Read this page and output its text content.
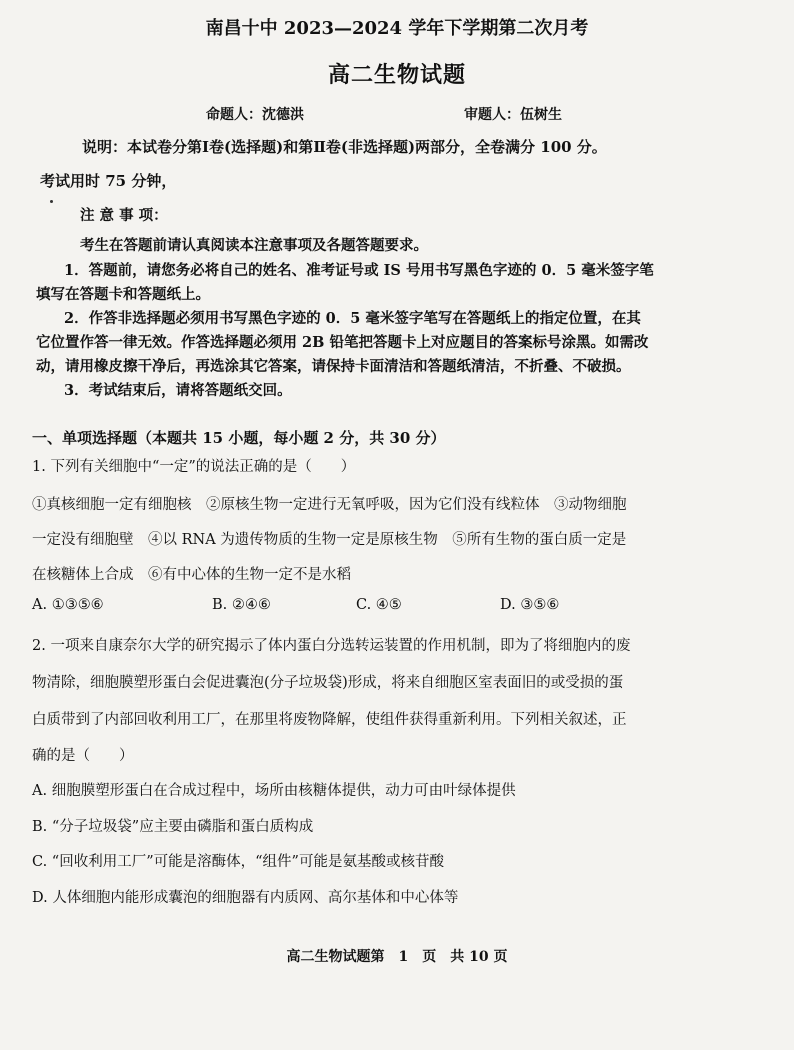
南昌十中 2023—2024 学年下学期第二次月考
高二生物试题
命题人：沈德洪	审题人：伍树生
说明：本试卷分第Ⅰ卷(选择题)和第Ⅱ卷(非选择题)两部分，全卷满分 100 分。
考试用时 75 分钟，
注 意 事 项：
考生在答题前请认真阅读本注意事项及各题答题要求。
1．答题前，请您务必将自己的姓名、准考证号或 IS 号用书写黑色字迹的 0．5 毫米签字笔
填写在答题卡和答题纸上。
2．作答非选择题必须用书写黑色字迹的 0．5 毫米签字笔写在答题纸上的指定位置，在其
它位置作答一律无效。作答选择题必须用 2B 铅笔把答题卡上对应题目的答案标号涂黑。如需改
动，请用橡皮擦干净后，再选涂其它答案，请保持卡面清洁和答题纸清洁，不折叠、不破损。
3．考试结束后，请将答题纸交回。
一、单项选择题（本题共 15 小题，每小题 2 分，共 30 分）
1. 下列有关细胞中“一定”的说法正确的是（　　）
①真核细胞一定有细胞核　②原核生物一定进行无氧呼吸，因为它们没有线粒体　③动物细胞
一定没有细胞壁　④以 RNA 为遗传物质的生物一定是原核生物　⑤所有生物的蛋白质一定是
在核糖体上合成　⑥有中心体的生物一定不是水稻
A. ①③⑤⑥	B. ②④⑥	C. ④⑤	D. ③⑤⑥
2. 一项来自康奈尔大学的研究揭示了体内蛋白分选转运装置的作用机制，即为了将细胞内的废
物清除，细胞膜塑形蛋白会促进囊泡(分子垃圾袋)形成，将来自细胞区室表面旧的或受损的蛋
白质带到了内部回收利用工厂，在那里将废物降解，使组件获得重新利用。下列相关叙述，正
确的是（　　）
A. 细胞膜塑形蛋白在合成过程中，场所由核糖体提供，动力可由叶绿体提供
B. “分子垃圾袋”应主要由磷脂和蛋白质构成
C. “回收利用工厂”可能是溶酶体，“组件”可能是氨基酸或核苷酸
D. 人体细胞内能形成囊泡的细胞器有内质网、高尔基体和中心体等
高二生物试题第　1　页　共 10 页
